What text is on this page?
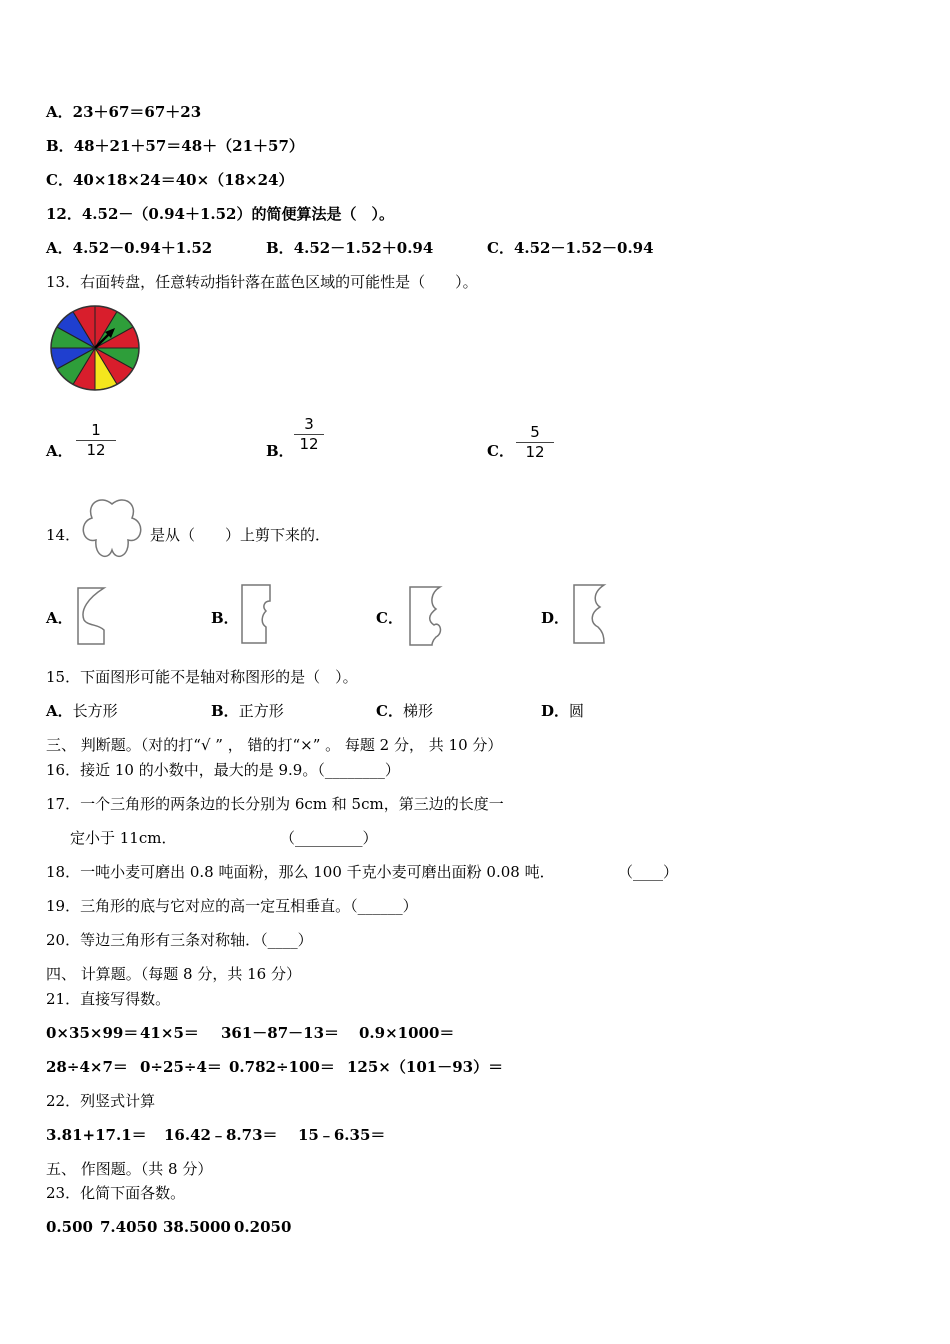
A．23＋67＝67＋23
B．48＋21＋57＝48＋（21＋57）
C．40×18×24＝40×（18×24）
12．4.52－（0.94＋1.52）的简便算法是（　）。
A．4.52－0.94＋1.52	B．4.52－1.52＋0.94	C．4.52－1.52－0.94
13．右面转盘，任意转动指针落在蓝色区域的可能性是（　　）。
A．
1
12	B．
3
12	C．
5
12
14．	是从（　　）上剪下来的．
A．	B．	C．	D．
15．下面图形可能不是轴对称图形的是（　）。
A．长方形	B．正方形	C．梯形	D．圆
三、 判断题。（对的打“√ ” ， 错的打“×” 。 每题 2 分， 共 10 分）
16．接近 10 的小数中，最大的是 9.9。（________）
17．一个三角形的两条边的长分别为 6cm 和 5cm，第三边的长度一
定小于 11cm．	（_________）
18．一吨小麦可磨出 0.8 吨面粉，那么 100 千克小麦可磨出面粉 0.08 吨．	（____）
19．三角形的底与它对应的高一定互相垂直。（______）
20．等边三角形有三条对称轴．（____）
四、 计算题。（每题 8 分，共 16 分）
21．直接写得数。
0×35×99＝ 41×5＝ 361－87－13＝ 0.9×1000＝
28÷4×7＝ 0÷25÷4＝ 0.782÷100＝ 125×（101－93）＝
22．列竖式计算
3.81+17.1＝ 16.42﹣8.73＝ 15﹣6.35＝
五、 作图题。（共 8 分）
23．化简下面各数。
0.500 7.4050 38.5000 0.2050
